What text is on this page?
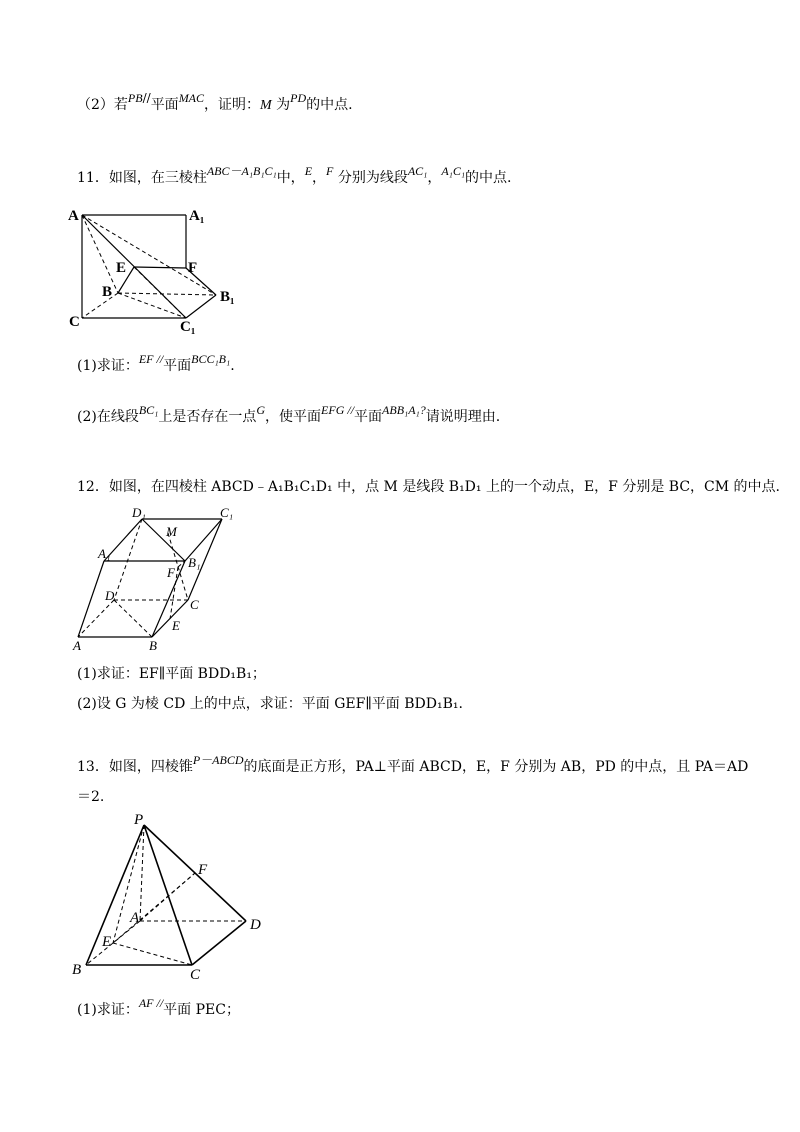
（2）若PB//平面MAC，证明：M 为PD的中点.
11．如图，在三棱柱ABC－A₁B₁C₁中，E，F 分别为线段AC₁，A₁C₁的中点.
A	A₁
E	F
B	B₁
C	C₁
(1)求证：EF //平面BCC₁B₁.
(2)在线段BC₁上是否存在一点G，使平面EFG //平面ABB₁A₁?请说明理由.
12．如图，在四棱柱 ABCD﹣A₁B₁C₁D₁ 中，点 M 是线段 B₁D₁ 上的一个动点，E，F 分别是 BC，CM 的中点.
D₁	C₁
M
A₁
F
B₁
D
C
E
A	B
(1)求证：EF∥平面 BDD₁B₁；
(2)设 G 为棱 CD 上的中点，求证：平面 GEF∥平面 BDD₁B₁.
13．如图，四棱锥P－ABCD的底面是正方形，PA⊥平面 ABCD，E，F 分别为 AB，PD 的中点，且 PA＝AD
＝2.
P
F
A	D
E
B	C
(1)求证：AF //平面 PEC；
